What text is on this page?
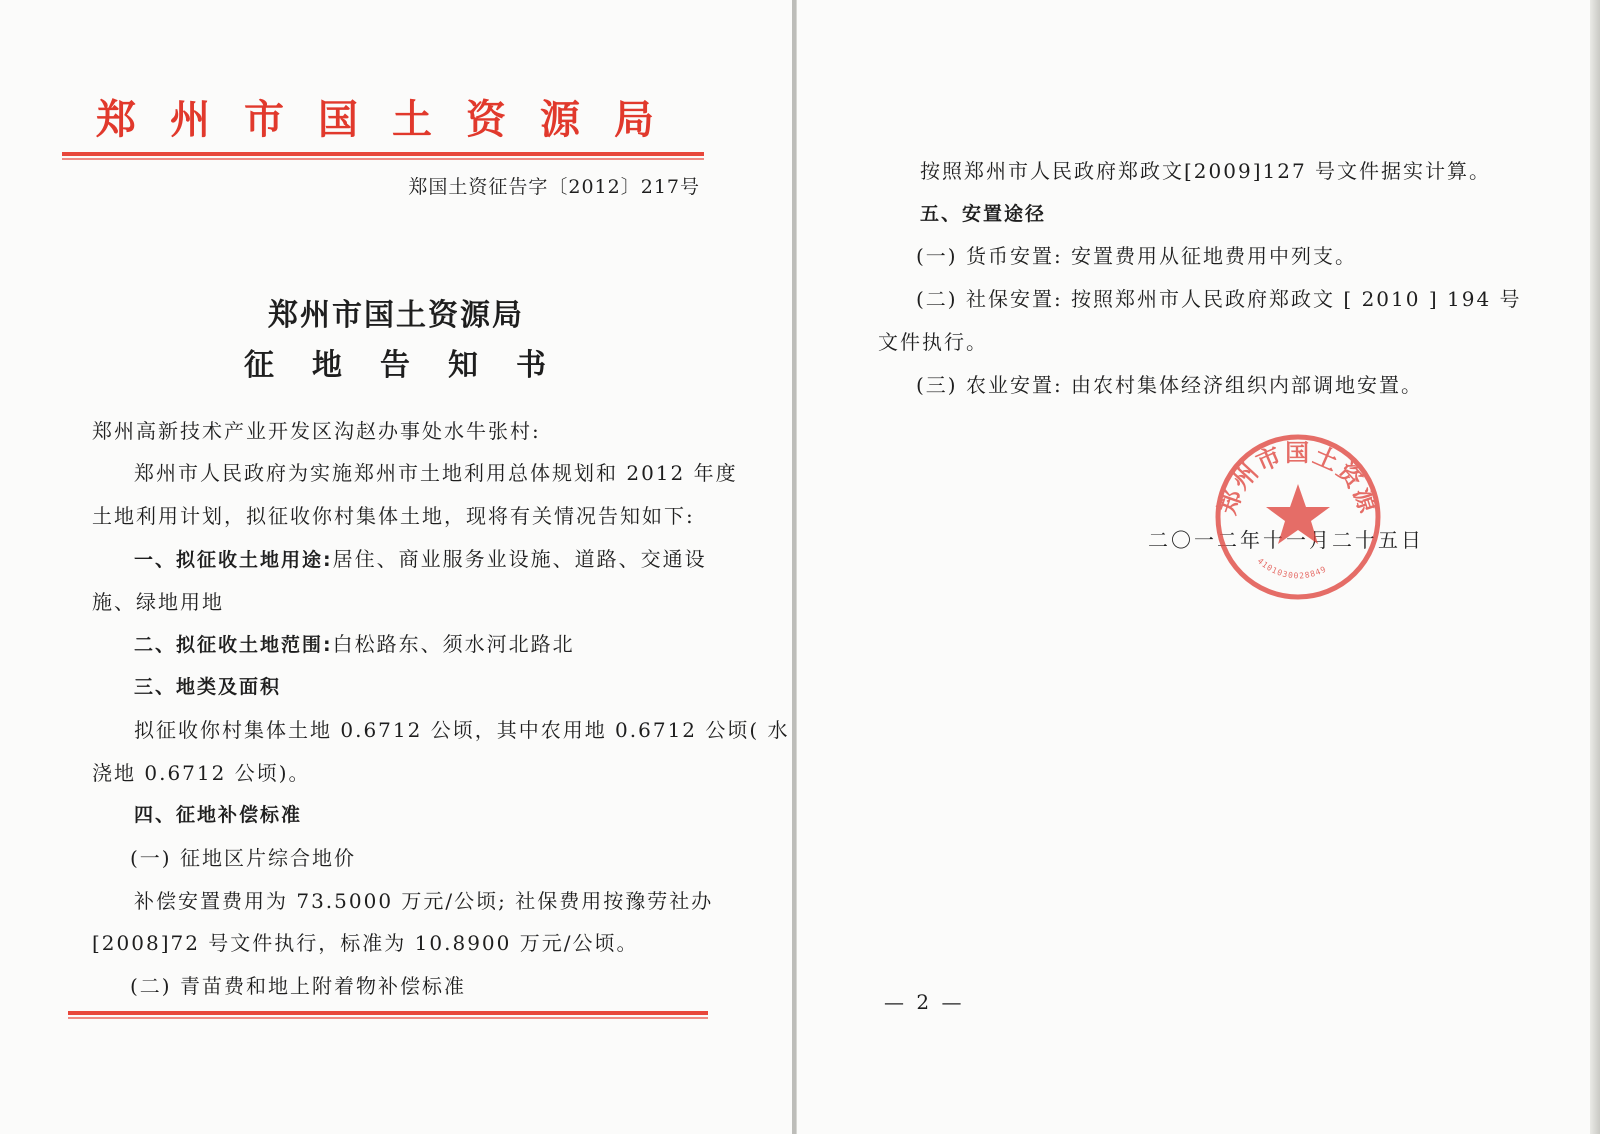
郑州市国土资源局
郑国土资征告字〔2012〕217号
郑州市国土资源局
征地告知书
郑州高新技术产业开发区沟赵办事处水牛张村:
郑州市人民政府为实施郑州市土地利用总体规划和 2012 年度
土地利用计划，拟征收你村集体土地，现将有关情况告知如下:
一、拟征收土地用途:居住、商业服务业设施、道路、交通设
施、绿地用地
二、拟征收土地范围:白松路东、须水河北路北
三、地类及面积
拟征收你村集体土地 0.6712 公顷，其中农用地 0.6712 公顷( 水
浇地 0.6712 公顷)。
四、征地补偿标准
(一) 征地区片综合地价
补偿安置费用为 73.5000 万元/公顷; 社保费用按豫劳社办
[2008]72 号文件执行，标准为 10.8900 万元/公顷。
(二) 青苗费和地上附着物补偿标准
按照郑州市人民政府郑政文[2009]127 号文件据实计算。
五、安置途径
(一) 货币安置: 安置费用从征地费用中列支。
(二) 社保安置: 按照郑州市人民政府郑政文 [ 2010 ] 194 号
文件执行。
(三) 农业安置: 由农村集体经济组织内部调地安置。
二〇一二年十一月二十五日
郑州市国土资源
4101030028849
— 2 —
